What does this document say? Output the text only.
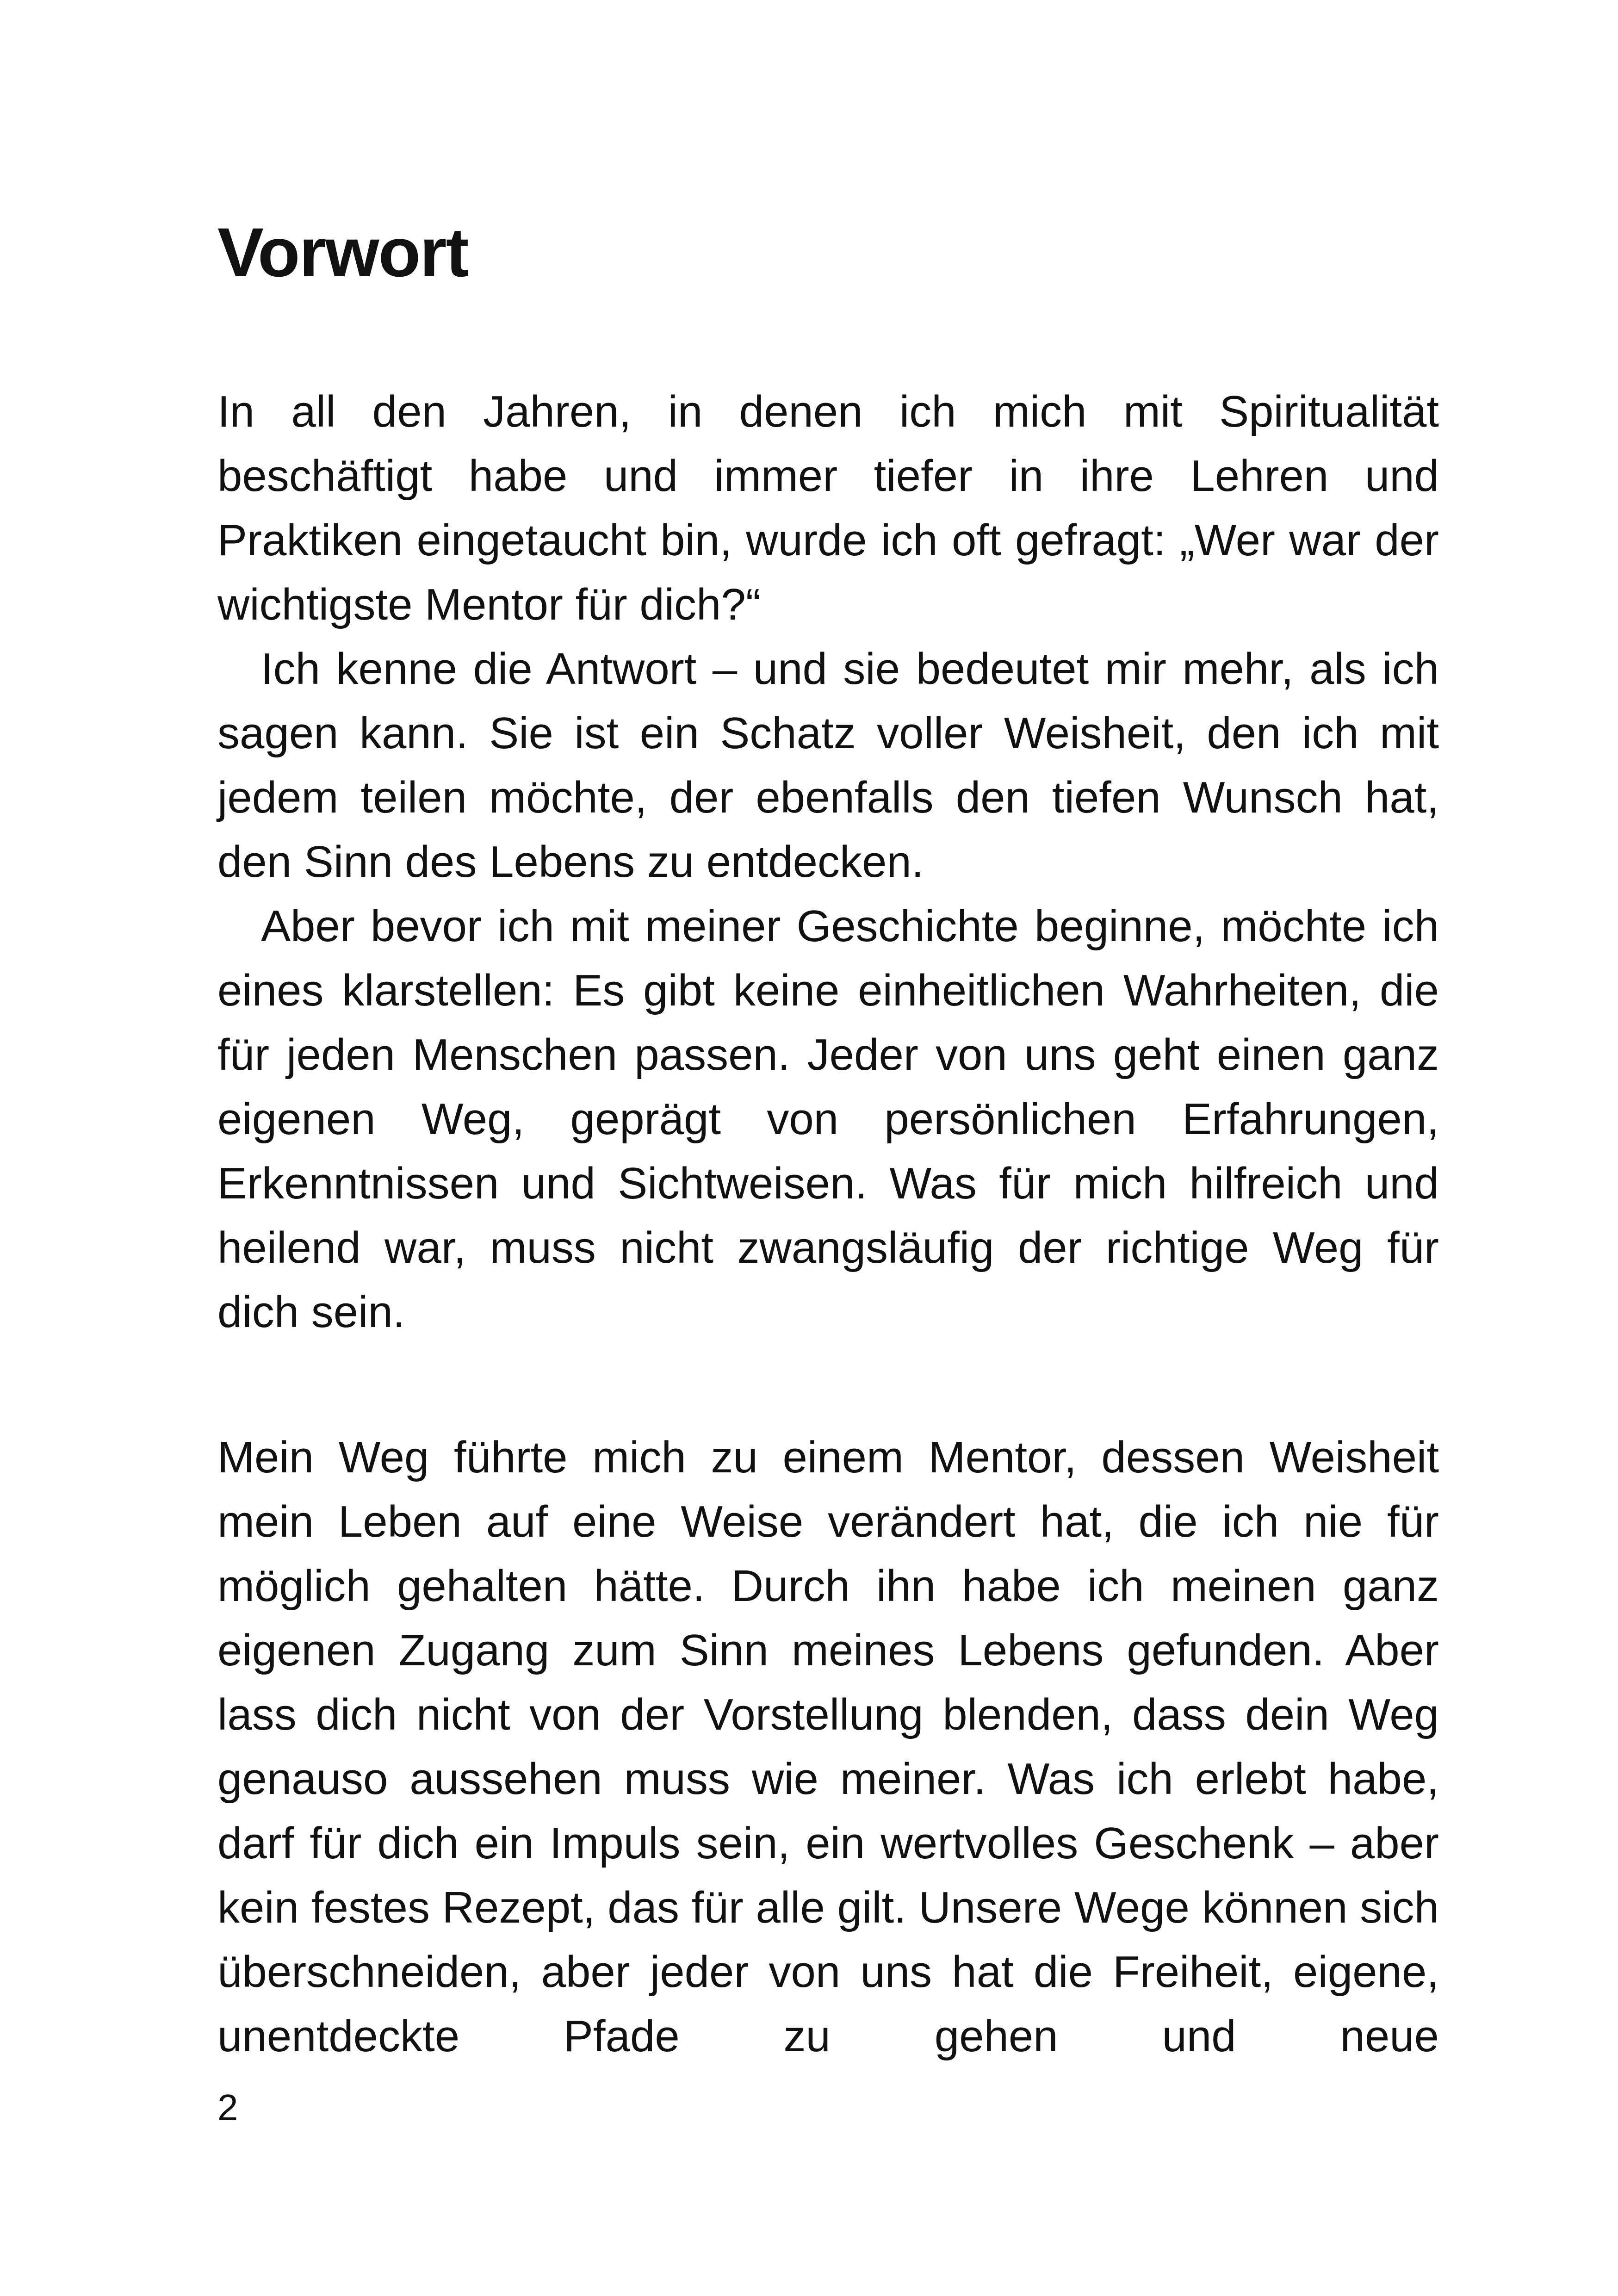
Vorwort

In all den Jahren, in denen ich mich mit Spiritualität beschäftigt habe und immer tiefer in ihre Lehren und Praktiken eingetaucht bin, wurde ich oft gefragt: „Wer war der wichtigste Mentor für dich?“

Ich kenne die Antwort – und sie bedeutet mir mehr, als ich sagen kann. Sie ist ein Schatz voller Weisheit, den ich mit jedem teilen möchte, der ebenfalls den tiefen Wunsch hat, den Sinn des Lebens zu entdecken.

Aber bevor ich mit meiner Geschichte beginne, möchte ich eines klarstellen: Es gibt keine einheitlichen Wahrheiten, die für jeden Menschen passen. Jeder von uns geht einen ganz eigenen Weg, geprägt von persönlichen Erfahrungen, Erkenntnissen und Sichtweisen. Was für mich hilfreich und heilend war, muss nicht zwangsläufig der richtige Weg für dich sein.

Mein Weg führte mich zu einem Mentor, dessen Weisheit mein Leben auf eine Weise verändert hat, die ich nie für möglich gehalten hätte. Durch ihn habe ich meinen ganz eigenen Zugang zum Sinn meines Lebens gefunden. Aber lass dich nicht von der Vorstellung blenden, dass dein Weg genauso aussehen muss wie meiner. Was ich erlebt habe, darf für dich ein Impuls sein, ein wertvolles Geschenk – aber kein festes Rezept, das für alle gilt. Unsere Wege können sich überschneiden, aber jeder von uns hat die Freiheit, eigene, unentdeckte Pfade zu gehen und neue

2
